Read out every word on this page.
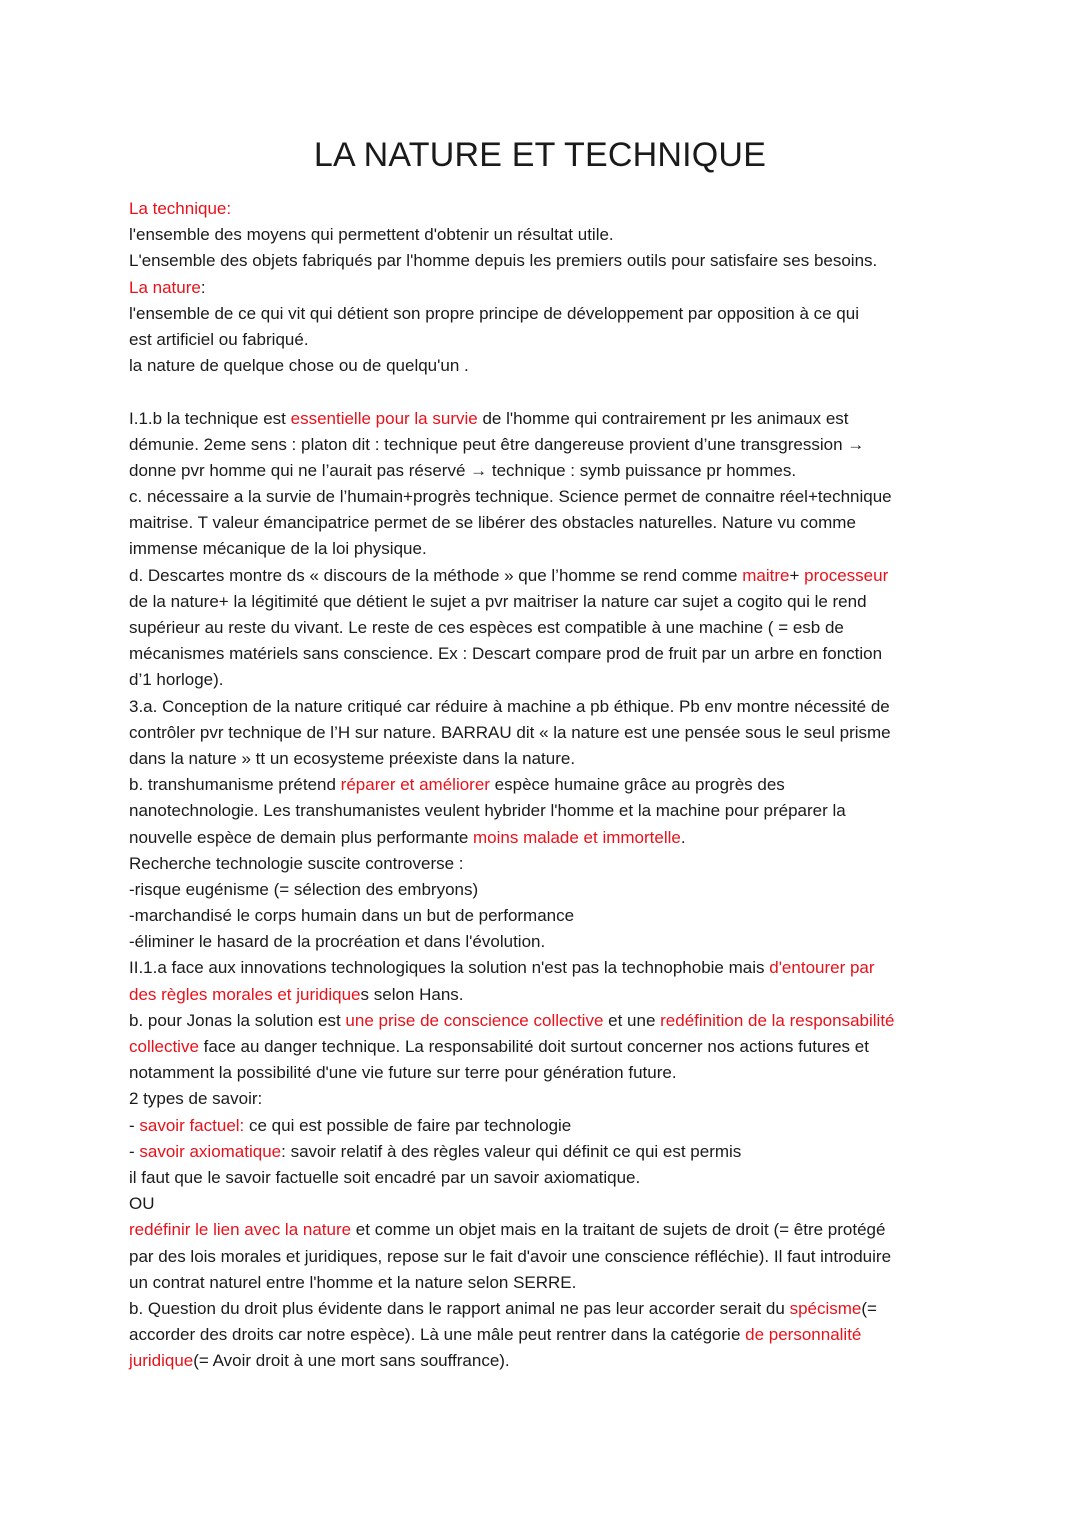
LA NATURE ET TECHNIQUE
La technique:
l'ensemble des moyens qui permettent d'obtenir un résultat utile.
L'ensemble des objets fabriqués par l'homme depuis les premiers outils pour satisfaire ses besoins.
La nature:
l'ensemble de ce qui vit qui détient son propre principe de développement par opposition à ce qui
est artificiel ou fabriqué.
la nature de quelque chose ou de quelqu'un .
I.1.b la technique est essentielle pour la survie de l'homme qui contrairement pr les animaux est
démunie. 2eme sens : platon dit : technique peut être dangereuse provient d’une transgression →
donne pvr homme qui ne l’aurait pas réservé → technique : symb puissance pr hommes.
c. nécessaire a la survie de l’humain+progrès technique. Science permet de connaitre réel+technique
maitrise. T valeur émancipatrice permet de se libérer des obstacles naturelles. Nature vu comme
immense mécanique de la loi physique.
d. Descartes montre ds « discours de la méthode » que l’homme se rend comme maitre+ processeur
de la nature+ la légitimité que détient le sujet a pvr maitriser la nature car sujet a cogito qui le rend
supérieur au reste du vivant. Le reste de ces espèces est compatible à une machine ( = esb de
mécanismes matériels sans conscience. Ex : Descart compare prod de fruit par un arbre en fonction
d’1 horloge).
3.a. Conception de la nature critiqué car réduire à machine a pb éthique. Pb env montre nécessité de
contrôler pvr technique de l’H sur nature. BARRAU dit « la nature est une pensée sous le seul prisme
dans la nature » tt un ecosysteme préexiste dans la nature.
b. transhumanisme prétend réparer et améliorer espèce humaine grâce au progrès des
nanotechnologie. Les transhumanistes veulent hybrider l'homme et la machine pour préparer la
nouvelle espèce de demain plus performante moins malade et immortelle.
Recherche technologie suscite controverse :
-risque eugénisme (= sélection des embryons)
-marchandisé le corps humain dans un but de performance
-éliminer le hasard de la procréation et dans l'évolution.
II.1.a face aux innovations technologiques la solution n'est pas la technophobie mais d'entourer par
des règles morales et juridiques selon Hans.
b. pour Jonas la solution est une prise de conscience collective et une redéfinition de la responsabilité
collective face au danger technique. La responsabilité doit surtout concerner nos actions futures et
notamment la possibilité d'une vie future sur terre pour génération future.
2 types de savoir:
- savoir factuel: ce qui est possible de faire par technologie
- savoir axiomatique: savoir relatif à des règles valeur qui définit ce qui est permis
il faut que le savoir factuelle soit encadré par un savoir axiomatique.
OU
redéfinir le lien avec la nature et comme un objet mais en la traitant de sujets de droit (= être protégé
par des lois morales et juridiques, repose sur le fait d'avoir une conscience réfléchie). Il faut introduire
un contrat naturel entre l'homme et la nature selon SERRE.
b. Question du droit plus évidente dans le rapport animal ne pas leur accorder serait du spécisme(=
accorder des droits car notre espèce). Là une mâle peut rentrer dans la catégorie de personnalité
juridique(= Avoir droit à une mort sans souffrance).
